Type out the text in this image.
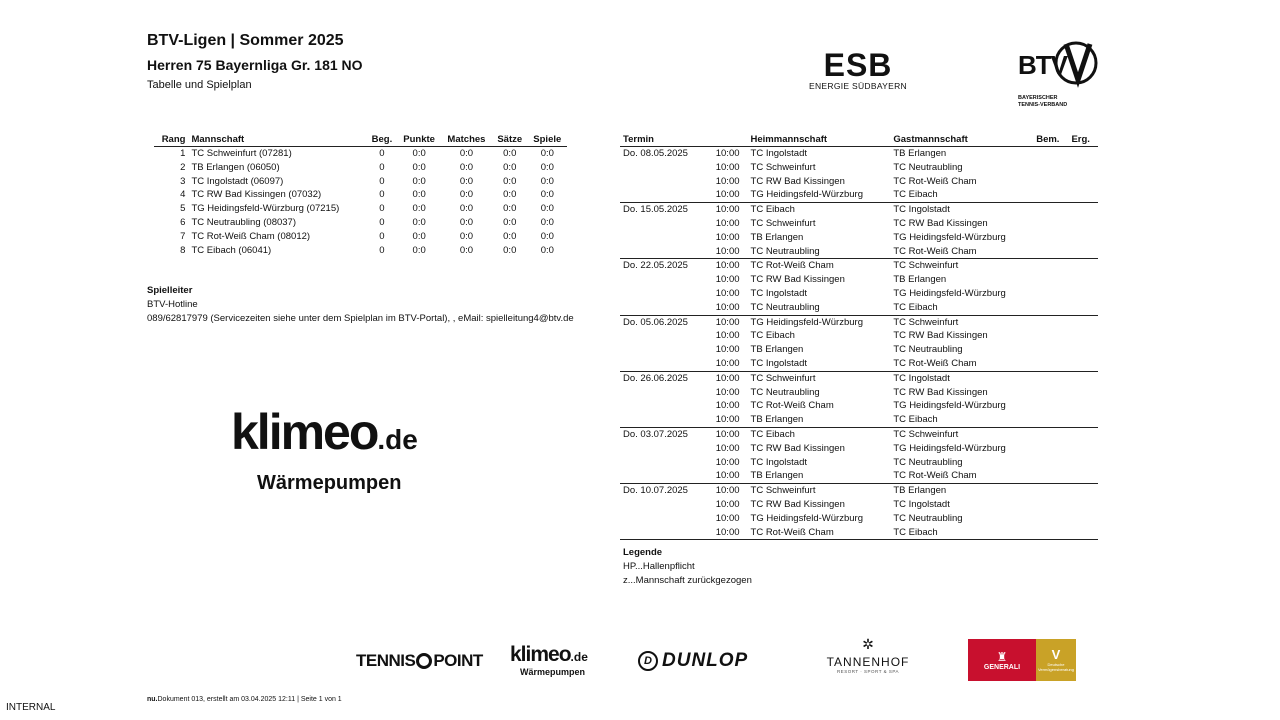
BTV-Ligen | Sommer 2025
Herren 75 Bayernliga Gr. 181 NO
Tabelle und Spielplan
ESB
ENERGIE SÜDBAYERN
BTV
BAYERISCHER
TENNIS-VERBAND
Rang	Mannschaft	Beg.	Punkte	Matches	Sätze	Spiele
1	TC Schweinfurt (07281)	0	0:0	0:0	0:0	0:0
2	TB Erlangen (06050)	0	0:0	0:0	0:0	0:0
3	TC Ingolstadt (06097)	0	0:0	0:0	0:0	0:0
4	TC RW Bad Kissingen (07032)	0	0:0	0:0	0:0	0:0
5	TG Heidingsfeld-Würzburg (07215)	0	0:0	0:0	0:0	0:0
6	TC Neutraubling (08037)	0	0:0	0:0	0:0	0:0
7	TC Rot-Weiß Cham (08012)	0	0:0	0:0	0:0	0:0
8	TC Eibach (06041)	0	0:0	0:0	0:0	0:0
Spielleiter
BTV-Hotline
089/62817979 (Servicezeiten siehe unter dem Spielplan im BTV-Portal), , eMail: spielleitung4@btv.de
klimeo.de
Wärmepumpen
Termin		Heimmannschaft	Gastmannschaft	Bem.	Erg.
Do. 08.05.2025	10:00	TC Ingolstadt	TB Erlangen		
	10:00	TC Schweinfurt	TC Neutraubling		
	10:00	TC RW Bad Kissingen	TC Rot-Weiß Cham		
	10:00	TG Heidingsfeld-Würzburg	TC Eibach		
Do. 15.05.2025	10:00	TC Eibach	TC Ingolstadt		
	10:00	TC Schweinfurt	TC RW Bad Kissingen		
	10:00	TB Erlangen	TG Heidingsfeld-Würzburg		
	10:00	TC Neutraubling	TC Rot-Weiß Cham		
Do. 22.05.2025	10:00	TC Rot-Weiß Cham	TC Schweinfurt		
	10:00	TC RW Bad Kissingen	TB Erlangen		
	10:00	TC Ingolstadt	TG Heidingsfeld-Würzburg		
	10:00	TC Neutraubling	TC Eibach		
Do. 05.06.2025	10:00	TG Heidingsfeld-Würzburg	TC Schweinfurt		
	10:00	TC Eibach	TC RW Bad Kissingen		
	10:00	TB Erlangen	TC Neutraubling		
	10:00	TC Ingolstadt	TC Rot-Weiß Cham		
Do. 26.06.2025	10:00	TC Schweinfurt	TC Ingolstadt		
	10:00	TC Neutraubling	TC RW Bad Kissingen		
	10:00	TC Rot-Weiß Cham	TG Heidingsfeld-Würzburg		
	10:00	TB Erlangen	TC Eibach		
Do. 03.07.2025	10:00	TC Eibach	TC Schweinfurt		
	10:00	TC RW Bad Kissingen	TG Heidingsfeld-Würzburg		
	10:00	TC Ingolstadt	TC Neutraubling		
	10:00	TB Erlangen	TC Rot-Weiß Cham		
Do. 10.07.2025	10:00	TC Schweinfurt	TB Erlangen		
	10:00	TC RW Bad Kissingen	TC Ingolstadt		
	10:00	TG Heidingsfeld-Würzburg	TC Neutraubling		
	10:00	TC Rot-Weiß Cham	TC Eibach		

Legende
HP...Hallenpflicht
z...Mannschaft zurückgezogen
TENNIS POINT klimeo.de
Wärmepumpen
D DUNLOP
✲
TANNENHOF
RESORT · SPORT & SPA
♜
GENERALI
V
Deutsche
Vermögensberatung
nu.Dokument 013, erstellt am 03.04.2025 12:11 | Seite 1 von 1
INTERNAL
